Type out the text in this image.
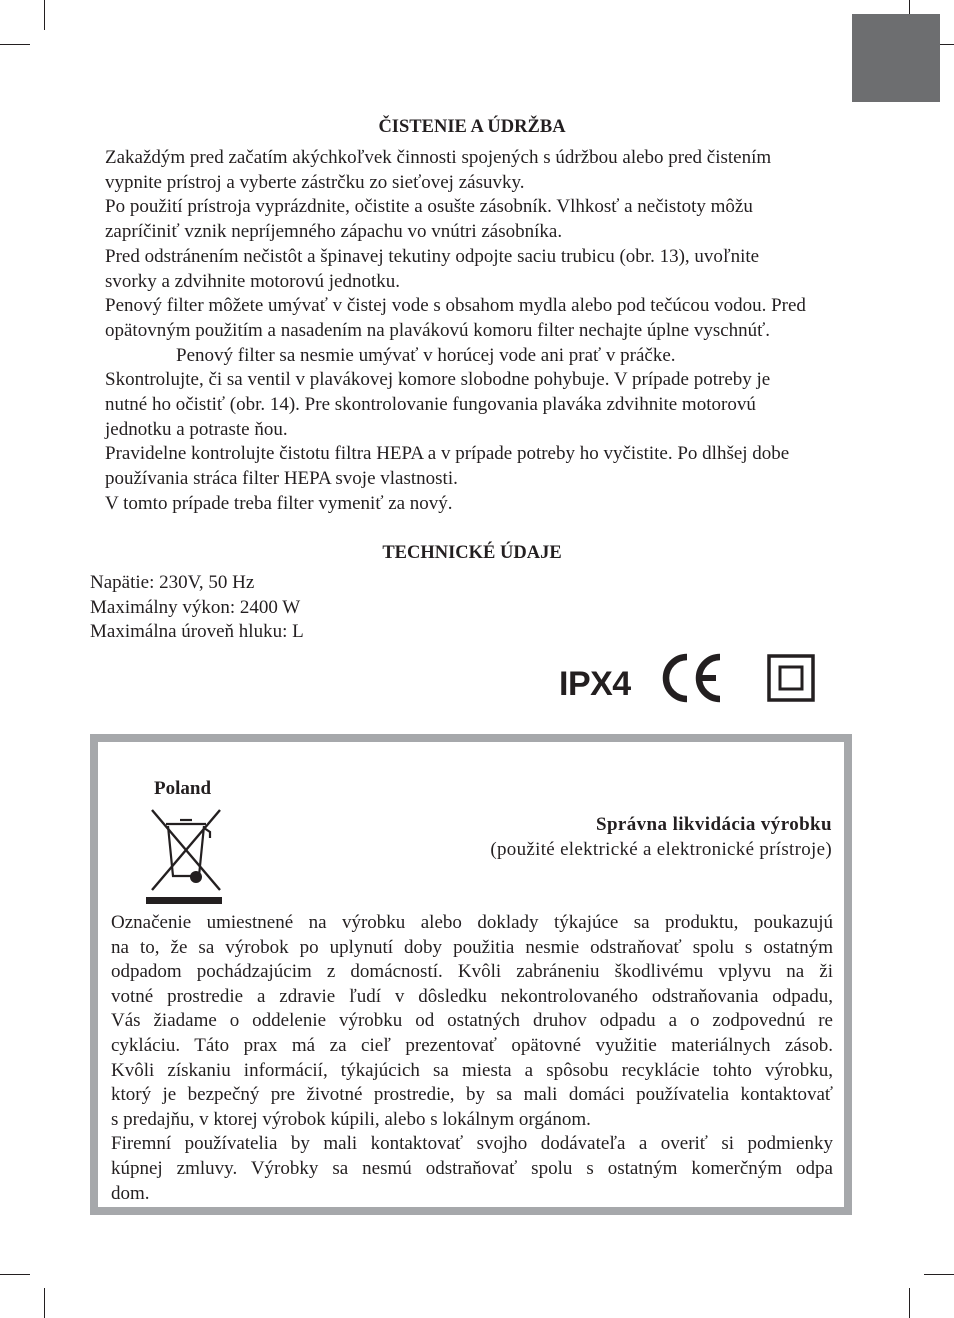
ČISTENIE A ÚDRŽBA

Zakaždým pred začatím akýchkoľvek činnosti spojených s údržbou alebo pred čistením

vypnite prístroj a vyberte zástrčku zo sieťovej zásuvky.

Po použití prístroja vyprázdnite, očistite a osušte zásobník. Vlhkosť a nečistoty môžu

zapríčiniť vznik nepríjemného zápachu vo vnútri zásobníka.

Pred odstránením nečistôt a špinavej tekutiny odpojte saciu trubicu (obr. 13), uvoľnite

svorky a zdvihnite motorovú jednotku.

Penový filter môžete umývať v čistej vode s obsahom mydla alebo pod tečúcou vodou. Pred

opätovným použitím a nasadením na plavákovú komoru filter nechajte úplne vyschnúť.

Penový filter sa nesmie umývať v horúcej vode ani prať v práčke.

Skontrolujte, či sa ventil v plavákovej komore slobodne pohybuje. V prípade potreby je

nutné ho očistiť (obr. 14). Pre skontrolovanie fungovania plaváka zdvihnite motorovú

jednotku a potraste ňou.

Pravidelne kontrolujte čistotu filtra HEPA a v prípade potreby ho vyčistite. Po dlhšej dobe

používania stráca filter HEPA svoje vlastnosti.

V tomto prípade treba filter vymeniť za nový.

TECHNICKÉ ÚDAJE

Napätie: 230V, 50 Hz

Maximálny výkon: 2400 W

Maximálna úroveň hluku: L

IPX4
Poland
Správna likvidácia výrobku
(použité elektrické a elektronické prístroje)

Označenie umiestnené na výrobku alebo doklady týkajúce sa produktu, poukazujú

na to, že sa výrobok po uplynutí doby použitia nesmie odstraňovať spolu s ostatným

odpadom pochádzajúcim z domácností. Kvôli zabráneniu škodlivému vplyvu na ži

votné prostredie a zdravie ľudí v dôsledku nekontrolovaného odstraňovania odpadu,

Vás žiadame o oddelenie výrobku od ostatných druhov odpadu a o zodpovednú re

cykláciu. Táto prax má za cieľ prezentovať opätovné využitie materiálnych zásob.

Kvôli získaniu informácií, týkajúcich sa miesta a spôsobu recyklácie tohto výrobku,

ktorý je bezpečný pre životné prostredie, by sa mali domáci používatelia kontaktovať

s predajňu, v ktorej výrobok kúpili, alebo s lokálnym orgánom.

Firemní používatelia by mali kontaktovať svojho dodávateľa a overiť si podmienky

kúpnej zmluvy. Výrobky sa nesmú odstraňovať spolu s ostatným komerčným odpa

dom.
